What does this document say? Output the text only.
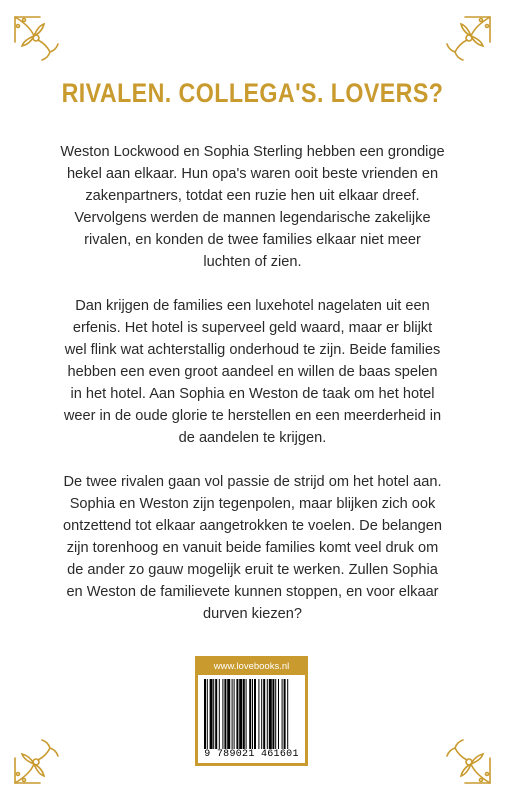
RIVALEN. COLLEGA'S. LOVERS?

Weston Lockwood en Sophia Sterling hebben een grondige hekel aan elkaar. Hun opa's waren ooit beste vrienden en zakenpartners, totdat een ruzie hen uit elkaar dreef. Vervolgens werden de mannen legendarische zakelijke rivalen, en konden de twee families elkaar niet meer luchten of zien.

Dan krijgen de families een luxehotel nagelaten uit een erfenis. Het hotel is superveel geld waard, maar er blijkt wel flink wat achterstallig onderhoud te zijn. Beide families hebben een even groot aandeel en willen de baas spelen in het hotel. Aan Sophia en Weston de taak om het hotel weer in de oude glorie te herstellen en een meerderheid in de aandelen te krijgen.

De twee rivalen gaan vol passie de strijd om het hotel aan. Sophia en Weston zijn tegenpolen, maar blijken zich ook ontzettend tot elkaar aangetrokken te voelen. De belangen zijn torenhoog en vanuit beide families komt veel druk om de ander zo gauw mogelijk eruit te werken. Zullen Sophia en Weston de familievete kunnen stoppen, en voor elkaar durven kiezen?

www.lovebooks.nl
9 789021 461601
